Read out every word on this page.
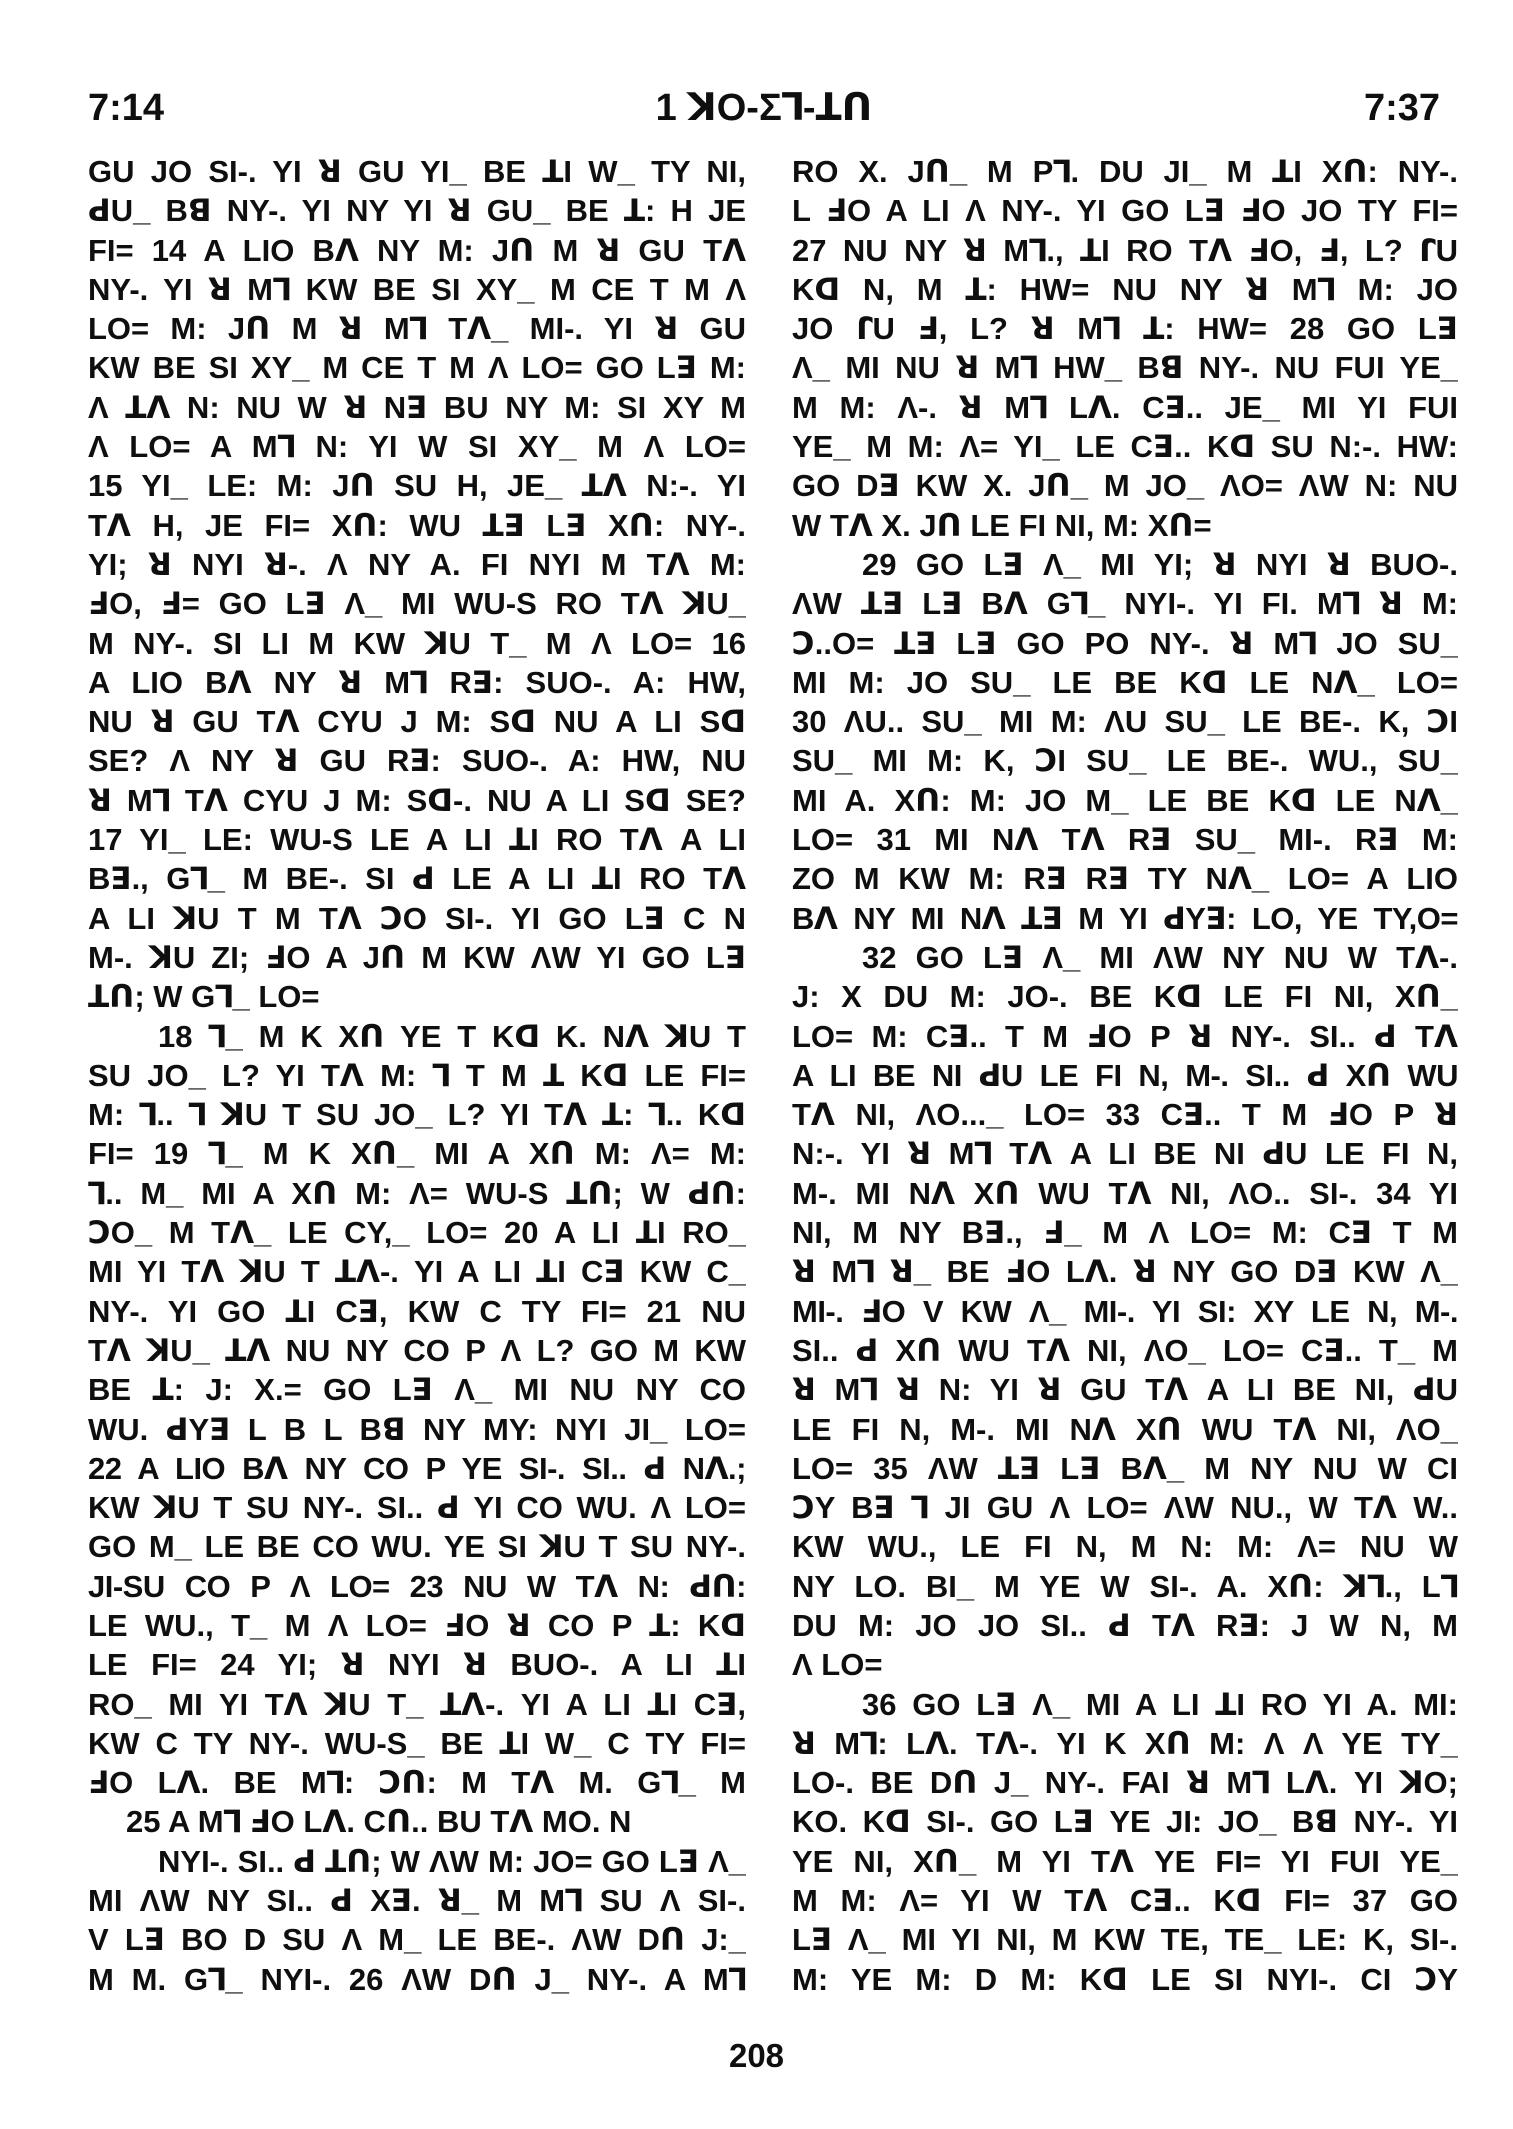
7:14	1 ꓘO-Ʃꓶ-ꓕꓵ	7:37
GU JO SI-. YI ꓤ GU YI_ BE ꓕI W_ TY NI,
ꓒU_ Bꓭ NY-. YI NY YI ꓤ GU_ BE ꓕ: H JE
FI= 14 A LIO Bꓥ NY M: Jꓵ M ꓤ GU Tꓥ
NY-. YI ꓤ Mꓶ KW BE SI XY_ M CE T M Ʌ
LO= M: Jꓵ M ꓤ Mꓶ Tꓥ_ MI-. YI ꓤ GU
KW BE SI XY_ M CE T M Ʌ LO= GO Lꓱ M:
Ʌ ꓕꓥ N: NU W ꓤ Nꓱ BU NY M: SI XY M
Ʌ LO= A Mꓶ N: YI W SI XY_ M Ʌ LO=
15 YI_ LE: M: Jꓵ SU H, JE_ ꓕꓥ N:-. YI
Tꓥ H, JE FI= Xꓵ: WU ꓕꓱ Lꓱ Xꓵ: NY-.
YI; ꓤ NYI ꓤ-. Ʌ NY A. FI NYI M Tꓥ M:
ꓞO, ꓞ= GO Lꓱ Ʌ_ MI WU-S RO Tꓥ ꓘU_
M NY-. SI LI M KW ꓘU T_ M Ʌ LO= 16
A LIO Bꓥ NY ꓤ Mꓶ Rꓱ: SUO-. A: HW,
NU ꓤ GU Tꓥ CYU J M: Sꓷ NU A LI Sꓷ
SE? Ʌ NY ꓤ GU Rꓱ: SUO-. A: HW, NU
ꓤ Mꓶ Tꓥ CYU J M: Sꓷ-. NU A LI Sꓷ SE?
17 YI_ LE: WU-S LE A LI ꓕI RO Tꓥ A LI
Bꓱ., Gꓶ_ M BE-. SI ꓒ LE A LI ꓕI RO Tꓥ
A LI ꓘU T M Tꓥ ꓛO SI-. YI GO Lꓱ C N
M-. ꓘU ZI; ꓞO A Jꓵ M KW ɅW YI GO Lꓱ
ꓕꓵ; W Gꓶ_ LO=
18 ꓶ_ M K Xꓵ YE T Kꓷ K. Nꓥ ꓘU T
SU JO_ L? YI Tꓥ M: ꓶ T M ꓕ Kꓷ LE FI=
M: ꓶ.. ꓶ ꓘU T SU JO_ L? YI Tꓥ ꓕ: ꓶ.. Kꓷ
FI= 19 ꓶ_ M K Xꓵ_ MI A Xꓵ M: Ʌ= M:
ꓶ.. M_ MI A Xꓵ M: Ʌ= WU-S ꓕꓵ; W ꓒꓵ:
ꓛO_ M Tꓥ_ LE CY,_ LO= 20 A LI ꓕI RO_
MI YI Tꓥ ꓘU T ꓕꓥ-. YI A LI ꓕI Cꓱ KW C_
NY-. YI GO ꓕI Cꓱ, KW C TY FI= 21 NU
Tꓥ ꓘU_ ꓕꓥ NU NY CO P Ʌ L? GO M KW
BE ꓕ: J: X.= GO Lꓱ Ʌ_ MI NU NY CO
WU. ꓒYꓱ L B L Bꓭ NY MY: NYI JI_ LO=
22 A LIO Bꓥ NY CO P YE SI-. SI.. ꓒ Nꓥ.;
KW ꓘU T SU NY-. SI.. ꓒ YI CO WU. Ʌ LO=
GO M_ LE BE CO WU. YE SI ꓘU T SU NY-.
JI-SU CO P Ʌ LO= 23 NU W Tꓥ N: ꓒꓵ:
LE WU., T_ M Ʌ LO= ꓞO ꓤ CO P ꓕ: Kꓷ
LE FI= 24 YI; ꓤ NYI ꓤ BUO-. A LI ꓕI
RO_ MI YI Tꓥ ꓘU T_ ꓕꓥ-. YI A LI ꓕI Cꓱ,
KW C TY NY-. WU-S_ BE ꓕI W_ C TY FI=
ꓞO Lꓥ. BE Mꓶ: ꓛꓵ: M Tꓥ M. Gꓶ_ M
25 A Mꓶ ꓞO Lꓥ. Cꓵ.. BU Tꓥ MO. N
NYI-. SI.. ꓒ ꓕꓵ; W ɅW M: JO= GO Lꓱ Ʌ_
MI ɅW NY SI.. ꓒ Xꓱ. ꓤ_ M Mꓶ SU Ʌ SI-.
V Lꓱ BO D SU Ʌ M_ LE BE-. ɅW Dꓵ J:_
M M. Gꓶ_ NYI-. 26 ɅW Dꓵ J_ NY-. A Mꓶ
RO X. Jꓵ_ M Pꓶ. DU JI_ M ꓕI Xꓵ: NY-.
L ꓞO A LI Ʌ NY-. YI GO Lꓱ ꓞO JO TY FI=
27 NU NY ꓤ Mꓶ., ꓕI RO Tꓥ ꓞO, ꓞ, L? ꓩU
Kꓷ N, M ꓕ: HW= NU NY ꓤ Mꓶ M: JO
JO ꓩU ꓞ, L? ꓤ Mꓶ ꓕ: HW= 28 GO Lꓱ
Ʌ_ MI NU ꓤ Mꓶ HW_ Bꓭ NY-. NU FUI YE_
M M: Ʌ-. ꓤ Mꓶ Lꓥ. Cꓱ.. JE_ MI YI FUI
YE_ M M: Ʌ= YI_ LE Cꓱ.. Kꓷ SU N:-. HW:
GO Dꓱ KW X. Jꓵ_ M JO_ ɅO= ɅW N: NU
W Tꓥ X. Jꓵ LE FI NI, M: Xꓵ=
29 GO Lꓱ Ʌ_ MI YI; ꓤ NYI ꓤ BUO-.
ɅW ꓕꓱ Lꓱ Bꓥ Gꓶ_ NYI-. YI FI. Mꓶ ꓤ M:
ꓛ..O= ꓕꓱ Lꓱ GO PO NY-. ꓤ Mꓶ JO SU_
MI M: JO SU_ LE BE Kꓷ LE Nꓥ_ LO=
30 ɅU.. SU_ MI M: ɅU SU_ LE BE-. K, ꓛI
SU_ MI M: K, ꓛI SU_ LE BE-. WU., SU_
MI A. Xꓵ: M: JO M_ LE BE Kꓷ LE Nꓥ_
LO= 31 MI Nꓥ Tꓥ Rꓱ SU_ MI-. Rꓱ M:
ZO M KW M: Rꓱ Rꓱ TY Nꓥ_ LO= A LIO
Bꓥ NY MI Nꓥ ꓕꓱ M YI ꓒYꓱ: LO, YE TY,O=
32 GO Lꓱ Ʌ_ MI ɅW NY NU W Tꓥ-.
J: X DU M: JO-. BE Kꓷ LE FI NI, Xꓵ_
LO= M: Cꓱ.. T M ꓞO P ꓤ NY-. SI.. ꓒ Tꓥ
A LI BE NI ꓒU LE FI N, M-. SI.. ꓒ Xꓵ WU
Tꓥ NI, ɅO..._ LO= 33 Cꓱ.. T M ꓞO P ꓤ
N:-. YI ꓤ Mꓶ Tꓥ A LI BE NI ꓒU LE FI N,
M-. MI Nꓥ Xꓵ WU Tꓥ NI, ɅO.. SI-. 34 YI
NI, M NY Bꓱ., ꓞ_ M Ʌ LO= M: Cꓱ T M
ꓤ Mꓶ ꓤ_ BE ꓞO Lꓥ. ꓤ NY GO Dꓱ KW Ʌ_
MI-. ꓞO V KW Ʌ_ MI-. YI SI: XY LE N, M-.
SI.. ꓒ Xꓵ WU Tꓥ NI, ɅO_ LO= Cꓱ.. T_ M
ꓤ Mꓶ ꓤ N: YI ꓤ GU Tꓥ A LI BE NI, ꓒU
LE FI N, M-. MI Nꓥ Xꓵ WU Tꓥ NI, ɅO_
LO= 35 ɅW ꓕꓱ Lꓱ Bꓥ_ M NY NU W CI
ꓛY Bꓱ ꓶ JI GU Ʌ LO= ɅW NU., W Tꓥ W..
KW WU., LE FI N, M N: M: Ʌ= NU W
NY LO. BI_ M YE W SI-. A. Xꓵ: ꓘꓶ., Lꓶ
DU M: JO JO SI.. ꓒ Tꓥ Rꓱ: J W N, M
Ʌ LO=
36 GO Lꓱ Ʌ_ MI A LI ꓕI RO YI A. MI:
ꓤ Mꓶ: Lꓥ. Tꓥ-. YI K Xꓵ M: Ʌ Ʌ YE TY_
LO-. BE Dꓵ J_ NY-. FAI ꓤ Mꓶ Lꓥ. YI ꓘO;
KO. Kꓷ SI-. GO Lꓱ YE JI: JO_ Bꓭ NY-. YI
YE NI, Xꓵ_ M YI Tꓥ YE FI= YI FUI YE_
M M: Ʌ= YI W Tꓥ Cꓱ.. Kꓷ FI= 37 GO
Lꓱ Ʌ_ MI YI NI, M KW TE, TE_ LE: K, SI-.
M: YE M: D M: Kꓷ LE SI NYI-. CI ꓛY
208
